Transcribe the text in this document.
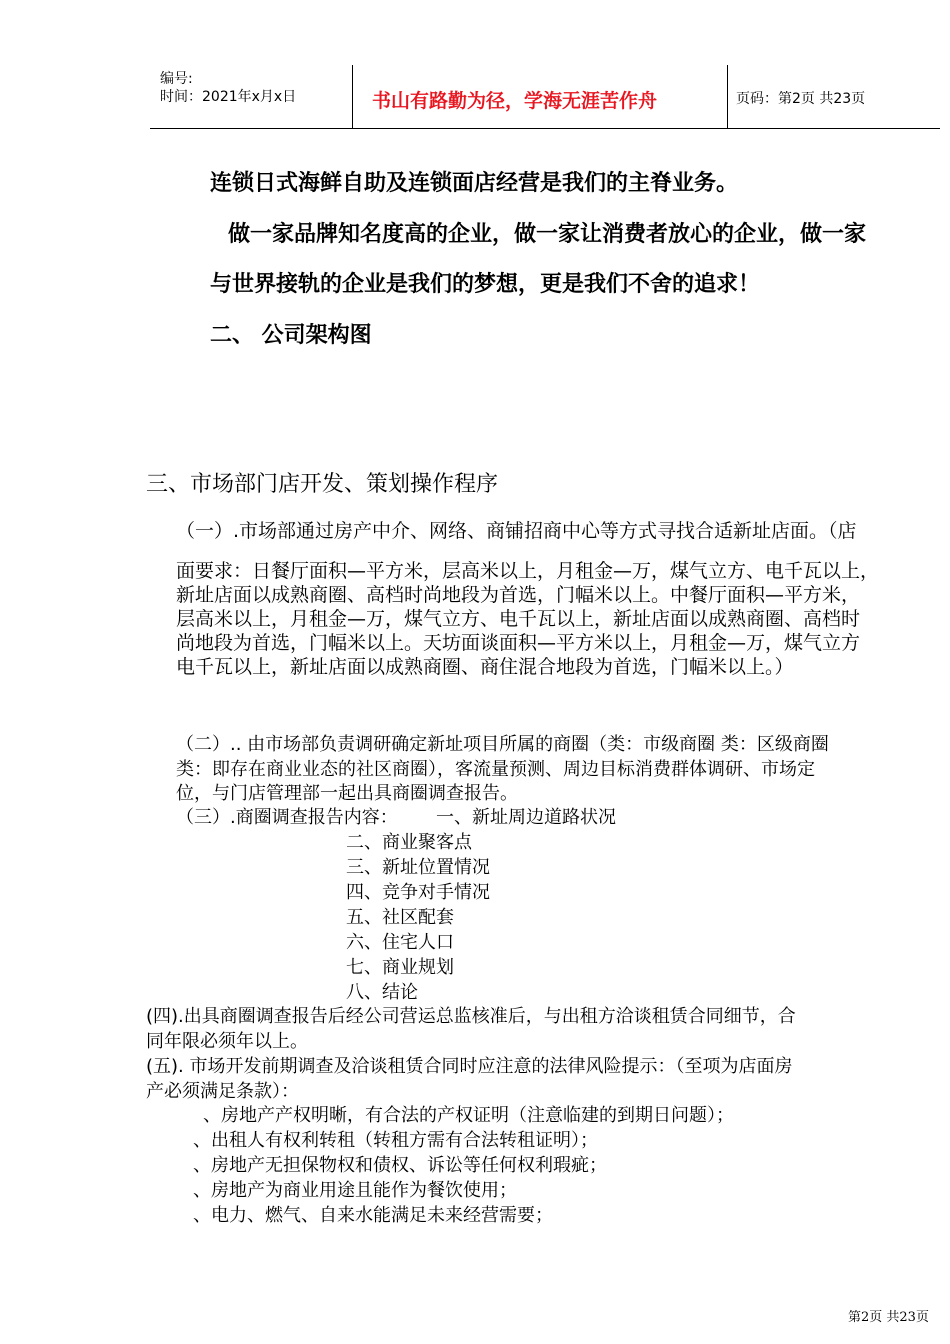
编号:
时间：2021年x月x日	书山有路勤为径，学海无涯苦作舟	页码：第2页 共23页
连锁日式海鲜自助及连锁面店经营是我们的主脊业务。
做一家品牌知名度高的企业，做一家让消费者放心的企业，做一家
与世界接轨的企业是我们的梦想，更是我们不舍的追求！
二、 公司架构图
三、市场部门店开发、策划操作程序
（一）.市场部通过房产中介、网络、商铺招商中心等方式寻找合适新址店面。（店
面要求：日餐厅面积—平方米，层高米以上，月租金—万，煤气立方、电千瓦以上，
新址店面以成熟商圈、高档时尚地段为首选，门幅米以上。中餐厅面积—平方米，
层高米以上，月租金—万，煤气立方、电千瓦以上，新址店面以成熟商圈、高档时
尚地段为首选，门幅米以上。天坊面谈面积—平方米以上，月租金—万，煤气立方
电千瓦以上，新址店面以成熟商圈、商住混合地段为首选，门幅米以上。）
（二）.. 由市场部负责调研确定新址项目所属的商圈（类：市级商圈 类：区级商圈
类：即存在商业业态的社区商圈），客流量预测、周边目标消费群体调研、市场定
位，与门店管理部一起出具商圈调查报告。
（三）.商圈调查报告内容： 一、新址周边道路状况
二、商业聚客点
三、新址位置情况
四、竞争对手情况
五、社区配套
六、住宅人口
七、商业规划
八、结论
(四).出具商圈调查报告后经公司营运总监核准后，与出租方洽谈租赁合同细节，合
同年限必须年以上。
(五). 市场开发前期调查及洽谈租赁合同时应注意的法律风险提示：（至项为店面房
产必须满足条款）：
、房地产产权明晰，有合法的产权证明（注意临建的到期日问题）；
、出租人有权利转租（转租方需有合法转租证明）；
、房地产无担保物权和债权、诉讼等任何权利瑕疵；
、房地产为商业用途且能作为餐饮使用；
、电力、燃气、自来水能满足未来经营需要；
第2页 共23页
